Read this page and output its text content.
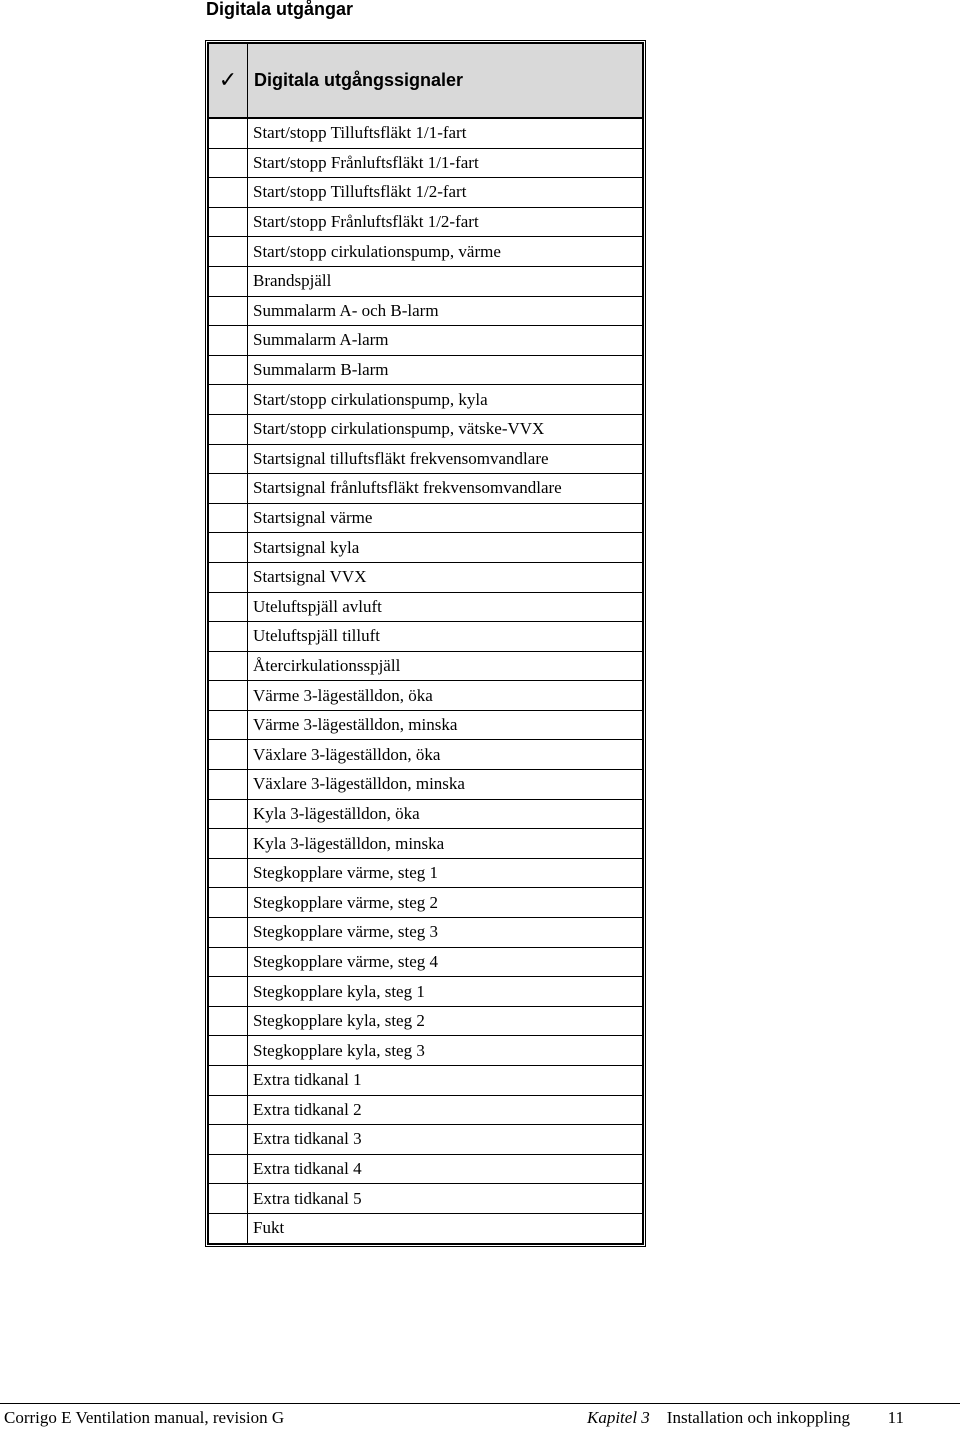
Digitala utgångar
✓	Digitala utgångssignaler
	Start/stopp Tilluftsfläkt 1/1-fart
	Start/stopp Frånluftsfläkt 1/1-fart
	Start/stopp Tilluftsfläkt 1/2-fart
	Start/stopp Frånluftsfläkt 1/2-fart
	Start/stopp cirkulationspump, värme
	Brandspjäll
	Summalarm A- och B-larm
	Summalarm A-larm
	Summalarm B-larm
	Start/stopp cirkulationspump, kyla
	Start/stopp cirkulationspump, vätske-VVX
	Startsignal tilluftsfläkt frekvensomvandlare
	Startsignal frånluftsfläkt frekvensomvandlare
	Startsignal värme
	Startsignal kyla
	Startsignal VVX
	Uteluftspjäll avluft
	Uteluftspjäll tilluft
	Återcirkulationsspjäll
	Värme 3-lägeställdon, öka
	Värme 3-lägeställdon, minska
	Växlare 3-lägeställdon, öka
	Växlare 3-lägeställdon, minska
	Kyla 3-lägeställdon, öka
	Kyla 3-lägeställdon, minska
	Stegkopplare värme, steg 1
	Stegkopplare värme, steg 2
	Stegkopplare värme, steg 3
	Stegkopplare värme, steg 4
	Stegkopplare kyla, steg 1
	Stegkopplare kyla, steg 2
	Stegkopplare kyla, steg 3
	Extra tidkanal 1
	Extra tidkanal 2
	Extra tidkanal 3
	Extra tidkanal 4
	Extra tidkanal 5
	Fukt
Corrigo E Ventilation manual, revision G	Kapitel 3 Installation och inkoppling 11
